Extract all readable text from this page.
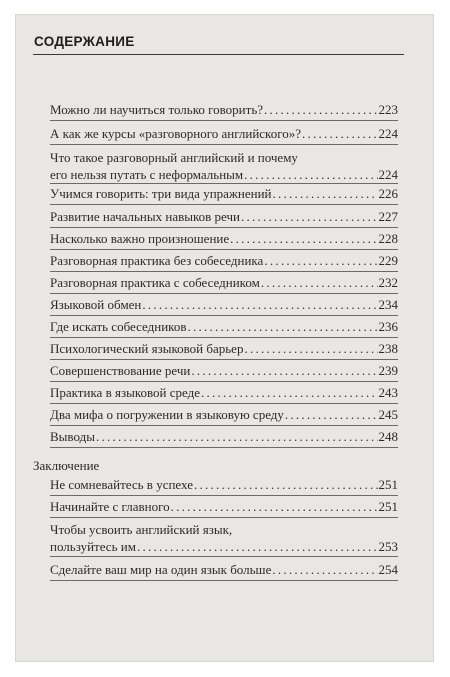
СОДЕРЖАНИЕ
Можно ли научиться только говорить? . . .	223
А как же курсы «разговорного английского»? . . .	224
Что такое разговорный английский и почему
его нельзя путать с неформальным . . .	224
Учимся говорить: три вида упражнений . . .	226
Развитие начальных навыков речи . . .	227
Насколько важно произношение . . .	228
Разговорная практика без собеседника . . .	229
Разговорная практика с собеседником . . .	232
Языковой обмен . . .	234
Где искать собеседников . . .	236
Психологический языковой барьер . . .	238
Совершенствование речи . . .	239
Практика в языковой среде . . .	243
Два мифа о погружении в языковую среду . . .	245
Выводы . . .	248
Заключение
Не сомневайтесь в успехе . . .	251
Начинайте с главного . . .	251
Чтобы усвоить английский язык,
пользуйтесь им . . .	253
Сделайте ваш мир на один язык больше . . .	254
